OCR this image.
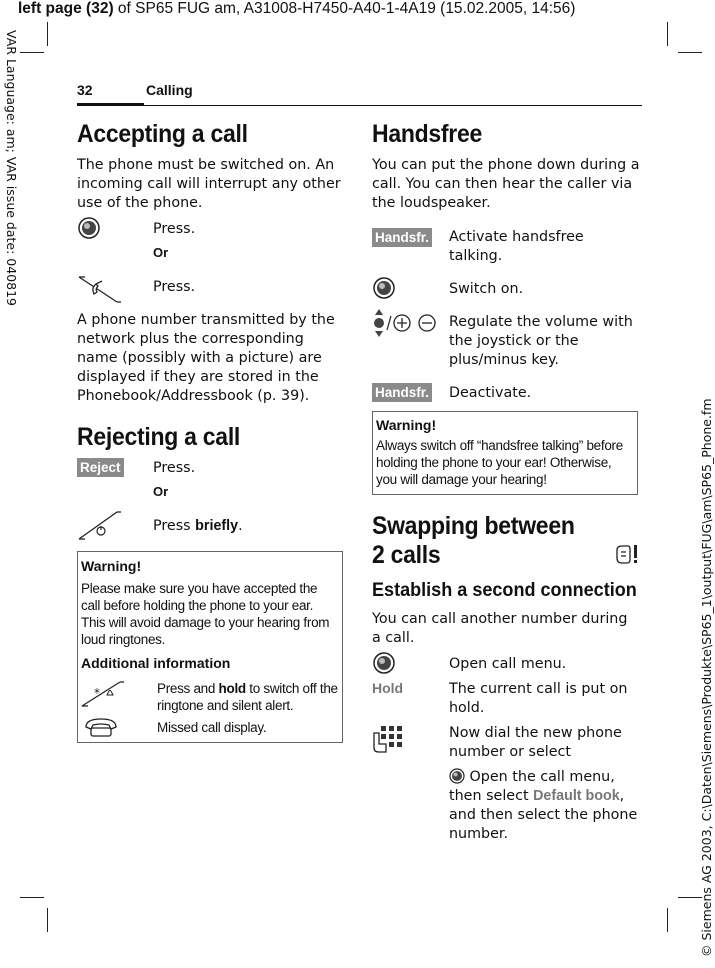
left page (32) of SP65 FUG am, A31008-H7450-A40-1-4A19 (15.02.2005, 14:56)
VAR Language: am; VAR issue date: 040819
© Siemens AG 2003, C:\Daten\Siemens\Produkte\SP65_1\output\FUG\am\SP65_Phone.fm
32	Calling
Accepting a call
The phone must be switched on. An incoming call will interrupt any other use of the phone.
Press.
Or
Press.
A phone number transmitted by the network plus the corresponding name (possibly with a picture) are displayed if they are stored in the Phonebook/Addressbook (p. 39).
Rejecting a call
Reject Press.
Or
Press briefly.
Warning!
Please make sure you have accepted the call before holding the phone to your ear. This will avoid damage to your hearing from loud ringtones.
Additional information
*	Press and hold to switch off the ringtone and silent alert.
Missed call display.
Handsfree
You can put the phone down during a call. You can then hear the caller via the loudspeaker.
Handsfr. Activate handsfree talking.
Switch on.
Regulate the volume with the joystick or the plus/minus key.
Handsfr. Deactivate.
Warning!
Always switch off “handsfree talking” before holding the phone to your ear! Otherwise, you will damage your hearing!
Swapping between
2 calls
Establish a second connection
You can call another number during a call.
Open call menu.
Hold	The current call is put on hold.
Now dial the new phone number or select
Open the call menu, then select Default book, and then select the phone number.
